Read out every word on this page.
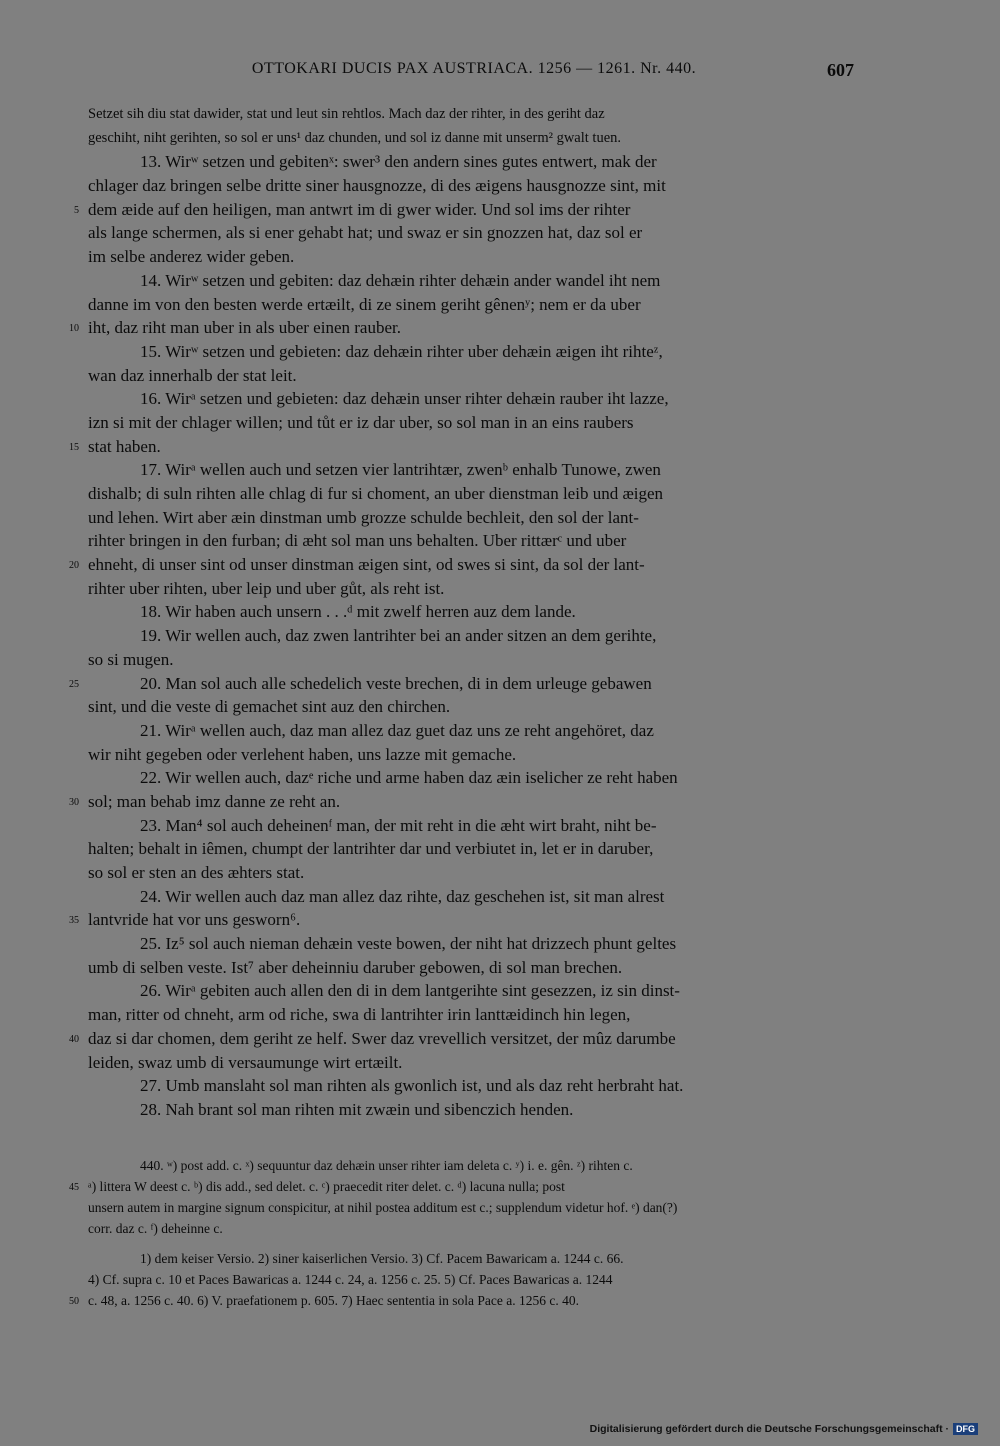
OTTOKARI DUCIS PAX AUSTRIACA. 1256 — 1261. Nr. 440.	607
Setzet sih diu stat dawider, stat und leut sin rehtlos. Mach daz der rihter, in des geriht daz
geschiht, niht gerihten, so sol er uns¹ daz chunden, und sol iz danne mit unserm² gwalt tuen.
13. Wirʷ setzen und gebitenˣ: swer³ den andern sines gutes entwert, mak der
chlager daz bringen selbe dritte siner hausgnozze, di des æigens hausgnozze sint, mit
5 dem æide auf den heiligen, man antwrt im di gwer wider. Und sol ims der rihter
als lange schermen, als si ener gehabt hat; und swaz er sin gnozzen hat, daz sol er
im selbe anderez wider geben.
14. Wirʷ setzen und gebiten: daz dehæin rihter dehæin ander wandel iht nem
danne im von den besten werde ertæilt, di ze sinem geriht gênenʸ; nem er da uber
10 iht, daz riht man uber in als uber einen rauber.
15. Wirʷ setzen und gebieten: daz dehæin rihter uber dehæin æigen iht rihteᶻ,
wan daz innerhalb der stat leit.
16. Wirᵃ setzen und gebieten: daz dehæin unser rihter dehæin rauber iht lazze,
izn si mit der chlager willen; und tůt er iz dar uber, so sol man in an eins raubers
15 stat haben.
17. Wirᵃ wellen auch und setzen vier lantrihtær, zwenᵇ enhalb Tunowe, zwen
dishalb; di suln rihten alle chlag di fur si choment, an uber dienstman leib und æigen
und lehen. Wirt aber æin dinstman umb grozze schulde bechleit, den sol der lant-
rihter bringen in den furban; di æht sol man uns behalten. Uber rittærᶜ und uber
20 ehneht, di unser sint od unser dinstman æigen sint, od swes si sint, da sol der lant-
rihter uber rihten, uber leip und uber gůt, als reht ist.
18. Wir haben auch unsern . . .ᵈ mit zwelf herren auz dem lande.
19. Wir wellen auch, daz zwen lantrihter bei an ander sitzen an dem gerihte,
so si mugen.
25	20. Man sol auch alle schedelich veste brechen, di in dem urleuge gebawen
sint, und die veste di gemachet sint auz den chirchen.
21. Wirᵃ wellen auch, daz man allez daz guet daz uns ze reht angehöret, daz
wir niht gegeben oder verlehent haben, uns lazze mit gemache.
22. Wir wellen auch, dazᵉ riche und arme haben daz æin iselicher ze reht haben
30 sol; man behab imz danne ze reht an.
23. Man⁴ sol auch deheinenᶠ man, der mit reht in die æht wirt braht, niht be-
halten; behalt in iêmen, chumpt der lantrihter dar und verbiutet in, let er in daruber,
so sol er sten an des æhters stat.
24. Wir wellen auch daz man allez daz rihte, daz geschehen ist, sit man alrest
35 lantvride hat vor uns gesworn⁶.
25. Iz⁵ sol auch nieman dehæin veste bowen, der niht hat drizzech phunt geltes
umb di selben veste. Ist⁷ aber deheinniu daruber gebowen, di sol man brechen.
26. Wirᵃ gebiten auch allen den di in dem lantgerihte sint gesezzen, iz sin dinst-
man, ritter od chneht, arm od riche, swa di lantrihter irin lanttæidinch hin legen,
40 daz si dar chomen, dem geriht ze helf. Swer daz vrevellich versitzet, der mûz darumbe
leiden, swaz umb di versaumunge wirt ertæilt.
27. Umb manslaht sol man rihten als gwonlich ist, und als daz reht herbraht hat.
28. Nah brant sol man rihten mit zwæin und sibenczich henden.
440. ʷ) post add. c. ˣ) sequuntur daz dehæin unser rihter iam deleta c. ʸ) i. e. gên. ᶻ) rihten c.
45 ᵃ) littera W deest c. ᵇ) dis add., sed delet. c. ᶜ) praecedit riter delet. c. ᵈ) lacuna nulla; post
unsern autem in margine signum conspicitur, at nihil postea additum est c.; supplendum videtur hof. ᵉ) dan(?)
corr. daz c. ᶠ) deheinne c.
1) dem keiser Versio. 2) siner kaiserlichen Versio. 3) Cf. Pacem Bawaricam a. 1244 c. 66.
4) Cf. supra c. 10 et Paces Bawaricas a. 1244 c. 24, a. 1256 c. 25. 5) Cf. Paces Bawaricas a. 1244
50 c. 48, a. 1256 c. 40. 6) V. praefationem p. 605. 7) Haec sententia in sola Pace a. 1256 c. 40.
Digitalisierung gefördert durch die Deutsche Forschungsgemeinschaft · DFG
